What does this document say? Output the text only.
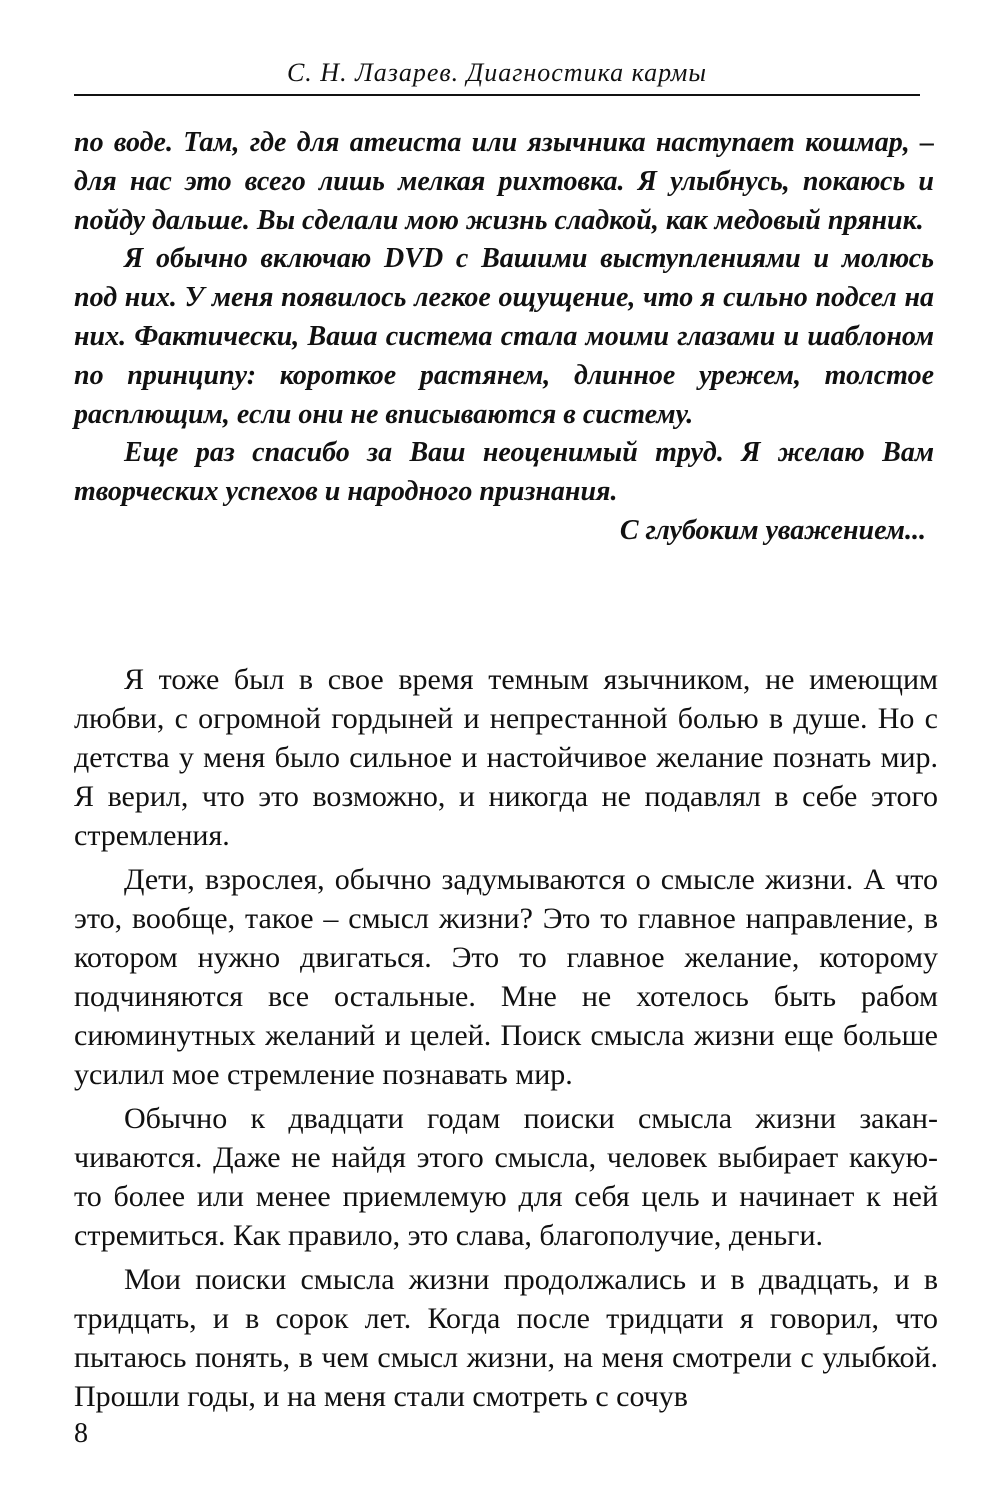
С. Н. Лазарев. Диагностика кармы

по воде. Там, где для атеиста или язычника наступает кошмар, – для нас это всего лишь мелкая рихтовка. Я улыбнусь, покаюсь и пойду дальше. Вы сделали мою жизнь сладкой, как медовый пряник.

Я обычно включаю DVD с Вашими выступлениями и молюсь под них. У меня появилось легкое ощущение, что я сильно подсел на них. Фактически, Ваша система стала моими глазами и шаблоном по принципу: короткое растянем, длинное урежем, толстое расплющим, если они не вписываются в систему.

Еще раз спасибо за Ваш неоценимый труд. Я желаю Вам творческих успехов и народного признания.

С глубоким уважением...

Я тоже был в свое время темным язычником, не имеющим любви, с огромной гордыней и непрестанной болью в душе. Но с детства у меня было сильное и настойчивое желание познать мир. Я верил, что это возможно, и никогда не подавлял в себе этого стремления.

Дети, взрослея, обычно задумываются о смысле жизни. А что это, вообще, такое – смысл жизни? Это то главное направление, в котором нужно двигаться. Это то главное желание, которому подчиняются все остальные. Мне не хотелось быть рабом сиюминутных желаний и целей. Поиск смысла жизни еще больше усилил мое стремление познавать мир.

Обычно к двадцати годам поиски смысла жизни заканчиваются. Даже не найдя этого смысла, человек выбирает какую-то более или менее приемлемую для себя цель и начинает к ней стремиться. Как правило, это слава, благополучие, деньги.

Мои поиски смысла жизни продолжались и в двадцать, и в тридцать, и в сорок лет. Когда после тридцати я говорил, что пытаюсь понять, в чем смысл жизни, на меня смотрели с улыбкой. Прошли годы, и на меня стали смотреть с сочув

8
